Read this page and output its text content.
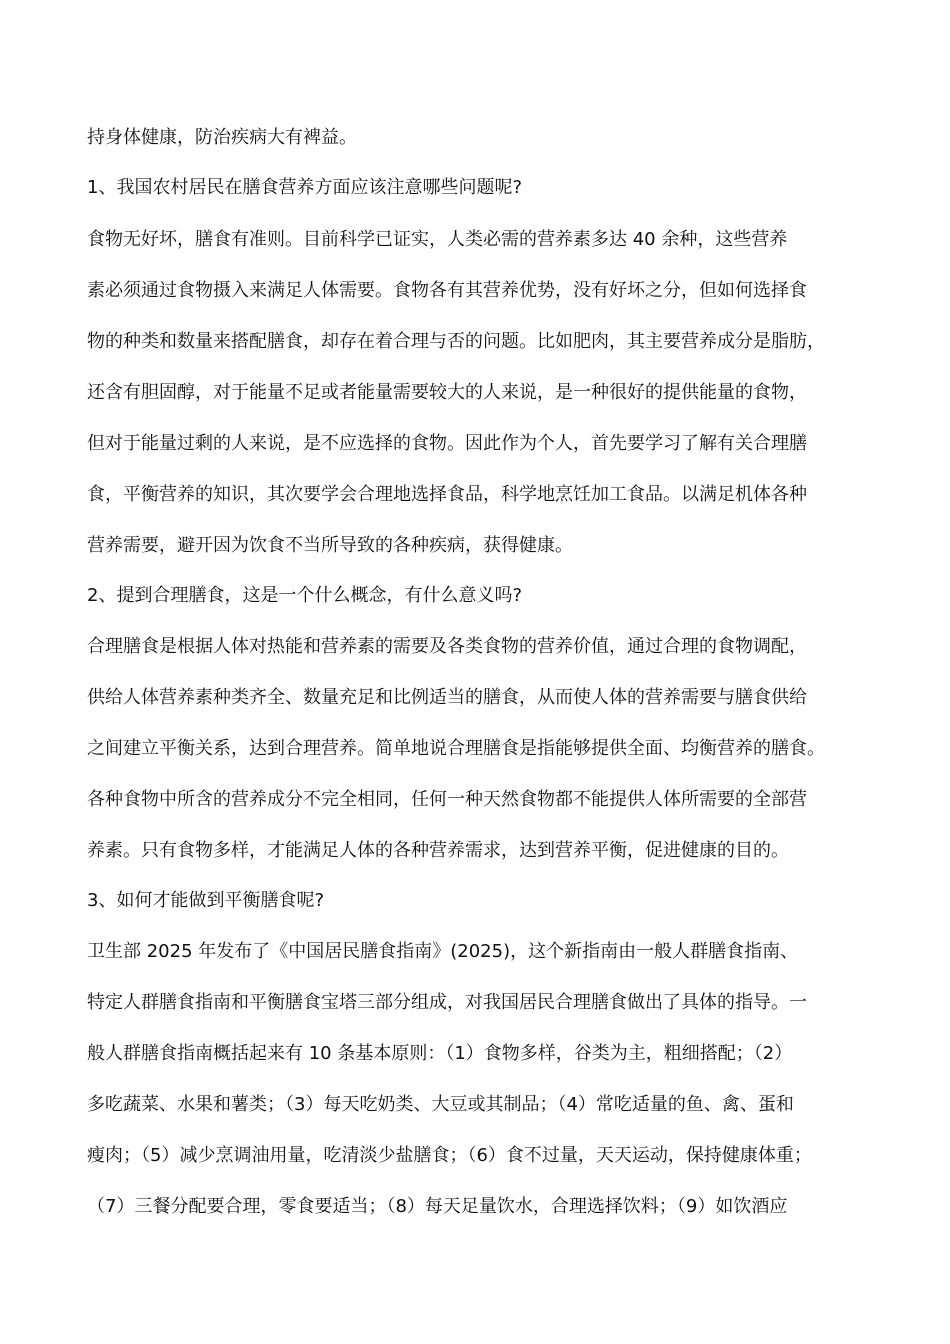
持身体健康，防治疾病大有裨益。
1、我国农村居民在膳食营养方面应该注意哪些问题呢?
食物无好坏，膳食有准则。目前科学已证实，人类必需的营养素多达 40 余种，这些营养
素必须通过食物摄入来满足人体需要。食物各有其营养优势，没有好坏之分，但如何选择食
物的种类和数量来搭配膳食，却存在着合理与否的问题。比如肥肉，其主要营养成分是脂肪，
还含有胆固醇，对于能量不足或者能量需要较大的人来说，是一种很好的提供能量的食物，
但对于能量过剩的人来说，是不应选择的食物。因此作为个人，首先要学习了解有关合理膳
食，平衡营养的知识，其次要学会合理地选择食品，科学地烹饪加工食品。以满足机体各种
营养需要，避开因为饮食不当所导致的各种疾病，获得健康。
2、提到合理膳食，这是一个什么概念，有什么意义吗?
合理膳食是根据人体对热能和营养素的需要及各类食物的营养价值，通过合理的食物调配，
供给人体营养素种类齐全、数量充足和比例适当的膳食，从而使人体的营养需要与膳食供给
之间建立平衡关系，达到合理营养。简单地说合理膳食是指能够提供全面、均衡营养的膳食。
各种食物中所含的营养成分不完全相同，任何一种天然食物都不能提供人体所需要的全部营
养素。只有食物多样，才能满足人体的各种营养需求，达到营养平衡，促进健康的目的。
3、如何才能做到平衡膳食呢?
卫生部 2025 年发布了《中国居民膳食指南》(2025)，这个新指南由一般人群膳食指南、
特定人群膳食指南和平衡膳食宝塔三部分组成，对我国居民合理膳食做出了具体的指导。一
般人群膳食指南概括起来有 10 条基本原则：（1）食物多样，谷类为主，粗细搭配；（2）
多吃蔬菜、水果和薯类；（3）每天吃奶类、大豆或其制品；（4）常吃适量的鱼、禽、蛋和
瘦肉；（5）减少烹调油用量，吃清淡少盐膳食；（6）食不过量，天天运动，保持健康体重；
（7）三餐分配要合理，零食要适当；（8）每天足量饮水，合理选择饮料；（9）如饮酒应
